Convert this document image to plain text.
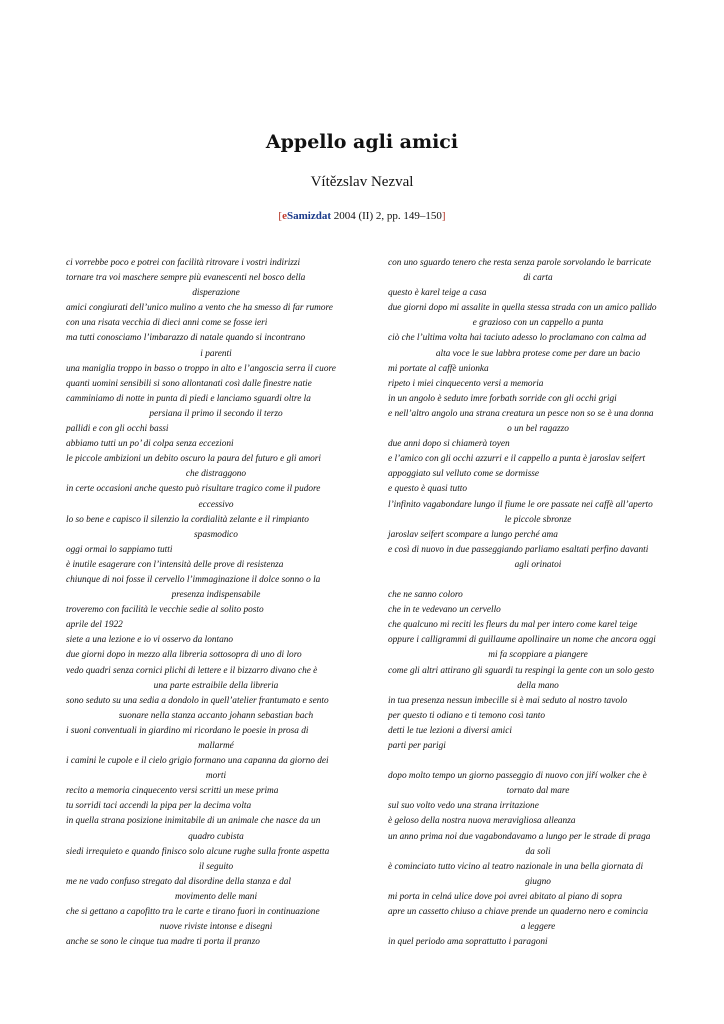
Appello agli amici
Vítězslav Nezval
[eSamizdat 2004 (II) 2, pp. 149–150]
ci vorrebbe poco e potrei con facilità ritrovare i vostri indirizzi
tornare tra voi maschere sempre più evanescenti nel bosco della
disperazione
amici congiurati dell’unico mulino a vento che ha smesso di far rumore
con una risata vecchia di dieci anni come se fosse ieri
ma tutti conosciamo l’imbarazzo di natale quando si incontrano
i parenti
una maniglia troppo in basso o troppo in alto e l’angoscia serra il cuore
quanti uomini sensibili si sono allontanati così dalle finestre natie
camminiamo di notte in punta di piedi e lanciamo sguardi oltre la
persiana il primo il secondo il terzo
pallidi e con gli occhi bassi
abbiamo tutti un po’ di colpa senza eccezioni
le piccole ambizioni un debito oscuro la paura del futuro e gli amori
che distraggono
in certe occasioni anche questo può risultare tragico come il pudore
eccessivo
lo so bene e capisco il silenzio la cordialità zelante e il rimpianto
spasmodico
oggi ormai lo sappiamo tutti
è inutile esagerare con l’intensità delle prove di resistenza
chiunque di noi fosse il cervello l’immaginazione il dolce sonno o la
presenza indispensabile
troveremo con facilità le vecchie sedie al solito posto
aprile del 1922
siete a una lezione e io vi osservo da lontano
due giorni dopo in mezzo alla libreria sottosopra di uno di loro
vedo quadri senza cornici plichi di lettere e il bizzarro divano che è
una parte estraibile della libreria
sono seduto su una sedia a dondolo in quell’atelier frantumato e sento
suonare nella stanza accanto johann sebastian bach
i suoni conventuali in giardino mi ricordano le poesie in prosa di
mallarmé
i camini le cupole e il cielo grigio formano una capanna da giorno dei
morti
recito a memoria cinquecento versi scritti un mese prima
tu sorridi taci accendi la pipa per la decima volta
in quella strana posizione inimitabile di un animale che nasce da un
quadro cubista
siedi irrequieto e quando finisco solo alcune rughe sulla fronte aspetta
il seguito
me ne vado confuso stregato dal disordine della stanza e dal
movimento delle mani
che si gettano a capofitto tra le carte e tirano fuori in continuazione
nuove riviste intonse e disegni
anche se sono le cinque tua madre ti porta il pranzo
con uno sguardo tenero che resta senza parole sorvolando le barricate
di carta
questo è karel teige a casa
due giorni dopo mi assalite in quella stessa strada con un amico pallido
e grazioso con un cappello a punta
ciò che l’ultima volta hai taciuto adesso lo proclamano con calma ad
alta voce le sue labbra protese come per dare un bacio
mi portate al caffè unionka
ripeto i miei cinquecento versi a memoria
in un angolo è seduto imre forbath sorride con gli occhi grigi
e nell’altro angolo una strana creatura un pesce non so se è una donna
o un bel ragazzo
due anni dopo si chiamerà toyen
e l’amico con gli occhi azzurri e il cappello a punta è jaroslav seifert
appoggiato sul velluto come se dormisse
e questo è quasi tutto
l’infinito vagabondare lungo il fiume le ore passate nei caffè all’aperto
le piccole sbronze
jaroslav seifert scompare a lungo perché ama
e così di nuovo in due passeggiando parliamo esaltati perfino davanti
agli orinatoi
che ne sanno coloro
che in te vedevano un cervello
che qualcuno mi reciti les fleurs du mal per intero come karel teige
oppure i calligrammi di guillaume apollinaire un nome che ancora oggi
mi fa scoppiare a piangere
come gli altri attirano gli sguardi tu respingi la gente con un solo gesto
della mano
in tua presenza nessun imbecille si è mai seduto al nostro tavolo
per questo ti odiano e ti temono così tanto
detti le tue lezioni a diversi amici
parti per parigi
dopo molto tempo un giorno passeggio di nuovo con jiří wolker che è
tornato dal mare
sul suo volto vedo una strana irritazione
è geloso della nostra nuova meravigliosa alleanza
un anno prima noi due vagabondavamo a lungo per le strade di praga
da soli
è cominciato tutto vicino al teatro nazionale in una bella giornata di
giugno
mi porta in celná ulice dove poi avrei abitato al piano di sopra
apre un cassetto chiuso a chiave prende un quaderno nero e comincia
a leggere
in quel periodo ama soprattutto i paragoni
